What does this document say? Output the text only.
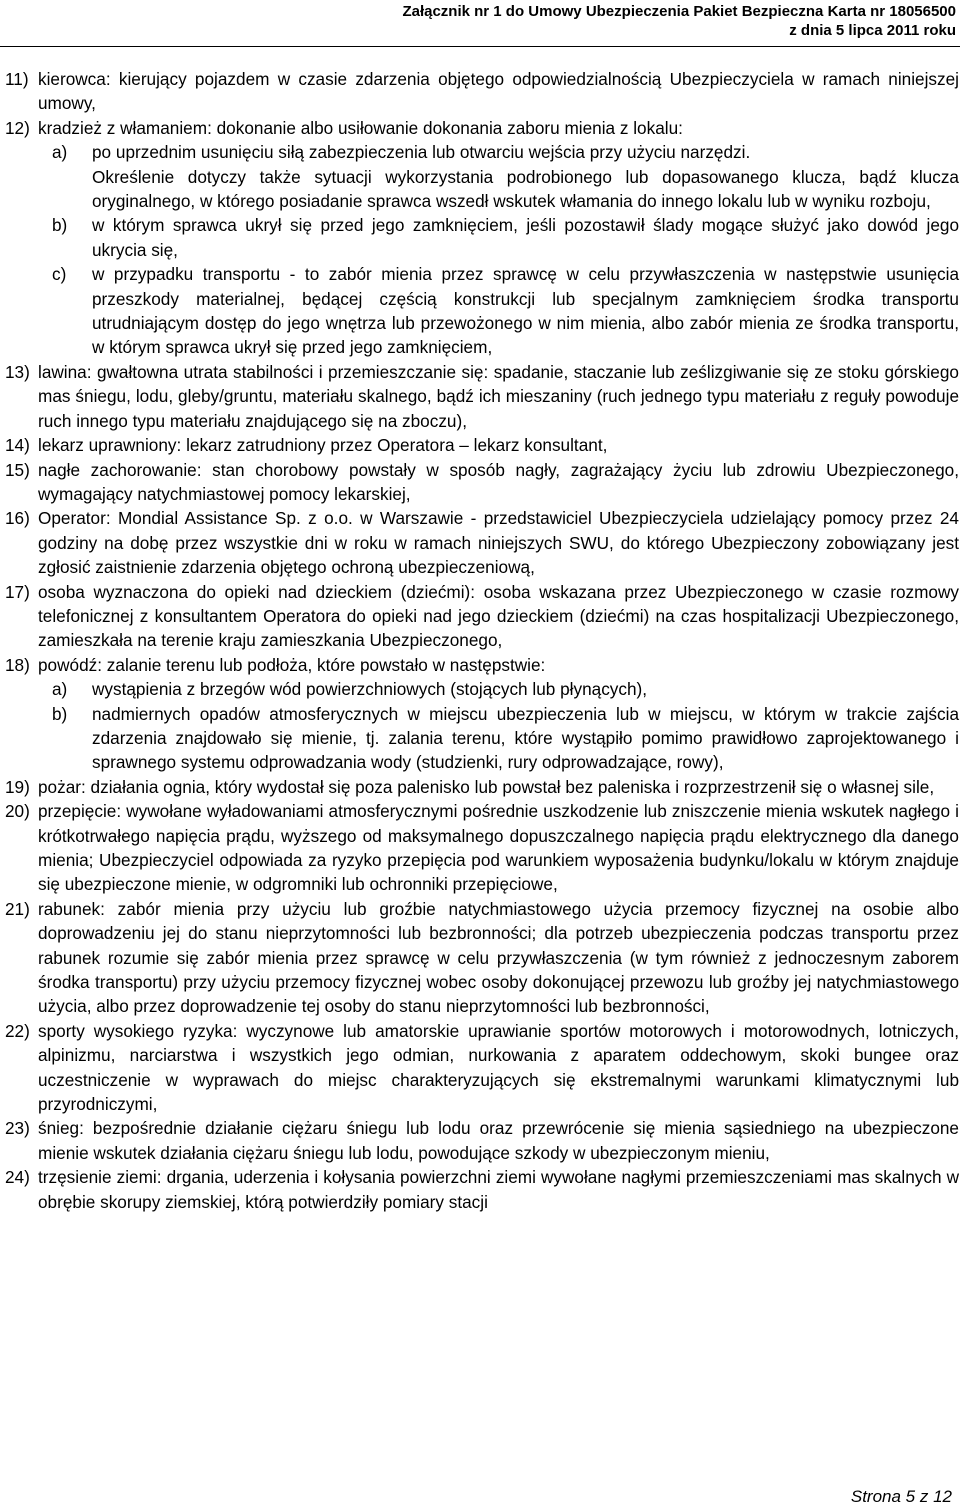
Załącznik nr 1 do Umowy Ubezpieczenia Pakiet Bezpieczna Karta nr 18056500
z dnia 5 lipca 2011 roku
11) kierowca: kierujący pojazdem w czasie zdarzenia objętego odpowiedzialnością Ubezpieczyciela w ramach niniejszej umowy,
12) kradzież z włamaniem: dokonanie albo usiłowanie dokonania zaboru mienia z lokalu:
a) po uprzednim usunięciu siłą zabezpieczenia lub otwarciu wejścia przy użyciu narzędzi.
Określenie dotyczy także sytuacji wykorzystania podrobionego lub dopasowanego klucza, bądź klucza oryginalnego, w którego posiadanie sprawca wszedł wskutek włamania do innego lokalu lub w wyniku rozboju,
b) w którym sprawca ukrył się przed jego zamknięciem, jeśli pozostawił ślady mogące służyć jako dowód jego ukrycia się,
c) w przypadku transportu - to zabór mienia przez sprawcę w celu przywłaszczenia w następstwie usunięcia przeszkody materialnej, będącej częścią konstrukcji lub specjalnym zamknięciem środka transportu utrudniającym dostęp do jego wnętrza lub przewożonego w nim mienia, albo zabór mienia ze środka transportu, w którym sprawca ukrył się przed jego zamknięciem,
13) lawina: gwałtowna utrata stabilności i przemieszczanie się: spadanie, staczanie lub ześlizgiwanie się ze stoku górskiego mas śniegu, lodu, gleby/gruntu, materiału skalnego, bądź ich mieszaniny (ruch jednego typu materiału z reguły powoduje ruch innego typu materiału znajdującego się na zboczu),
14) lekarz uprawniony: lekarz zatrudniony przez Operatora – lekarz konsultant,
15) nagłe zachorowanie: stan chorobowy powstały w sposób nagły, zagrażający życiu lub zdrowiu Ubezpieczonego, wymagający natychmiastowej pomocy lekarskiej,
16) Operator: Mondial Assistance Sp. z o.o. w Warszawie - przedstawiciel Ubezpieczyciela udzielający pomocy przez 24 godziny na dobę przez wszystkie dni w roku w ramach niniejszych SWU, do którego Ubezpieczony zobowiązany jest zgłosić zaistnienie zdarzenia objętego ochroną ubezpieczeniową,
17) osoba wyznaczona do opieki nad dzieckiem (dziećmi): osoba wskazana przez Ubezpieczonego w czasie rozmowy telefonicznej z konsultantem Operatora do opieki nad jego dzieckiem (dziećmi) na czas hospitalizacji Ubezpieczonego, zamieszkała na terenie kraju zamieszkania Ubezpieczonego,
18) powódź: zalanie terenu lub podłoża, które powstało w następstwie:
a) wystąpienia z brzegów wód powierzchniowych (stojących lub płynących),
b) nadmiernych opadów atmosferycznych w miejscu ubezpieczenia lub w miejscu, w którym w trakcie zajścia zdarzenia znajdowało się mienie, tj. zalania terenu, które wystąpiło pomimo prawidłowo zaprojektowanego i sprawnego systemu odprowadzania wody (studzienki, rury odprowadzające, rowy),
19) pożar: działania ognia, który wydostał się poza palenisko lub powstał bez paleniska i rozprzestrzenił się o własnej sile,
20) przepięcie: wywołane wyładowaniami atmosferycznymi pośrednie uszkodzenie lub zniszczenie mienia wskutek nagłego i krótkotrwałego napięcia prądu, wyższego od maksymalnego dopuszczalnego napięcia prądu elektrycznego dla danego mienia; Ubezpieczyciel odpowiada za ryzyko przepięcia pod warunkiem wyposażenia budynku/lokalu w którym znajduje się ubezpieczone mienie, w odgromniki lub ochronniki przepięciowe,
21) rabunek: zabór mienia przy użyciu lub groźbie natychmiastowego użycia przemocy fizycznej na osobie albo doprowadzeniu jej do stanu nieprzytomności lub bezbronności; dla potrzeb ubezpieczenia podczas transportu przez rabunek rozumie się zabór mienia przez sprawcę w celu przywłaszczenia (w tym również z jednoczesnym zaborem środka transportu) przy użyciu przemocy fizycznej wobec osoby dokonującej przewozu lub groźby jej natychmiastowego użycia, albo przez doprowadzenie tej osoby do stanu nieprzytomności lub bezbronności,
22) sporty wysokiego ryzyka: wyczynowe lub amatorskie uprawianie sportów motorowych i motorowodnych, lotniczych, alpinizmu, narciarstwa i wszystkich jego odmian, nurkowania z aparatem oddechowym, skoki bungee oraz uczestniczenie w wyprawach do miejsc charakteryzujących się ekstremalnymi warunkami klimatycznymi lub przyrodniczymi,
23) śnieg: bezpośrednie działanie ciężaru śniegu lub lodu oraz przewrócenie się mienia sąsiedniego na ubezpieczone mienie wskutek działania ciężaru śniegu lub lodu, powodujące szkody w ubezpieczonym mieniu,
24) trzęsienie ziemi: drgania, uderzenia i kołysania powierzchni ziemi wywołane nagłymi przemieszczeniami mas skalnych w obrębie skorupy ziemskiej, którą potwierdziły pomiary stacji
Strona 5 z 12
